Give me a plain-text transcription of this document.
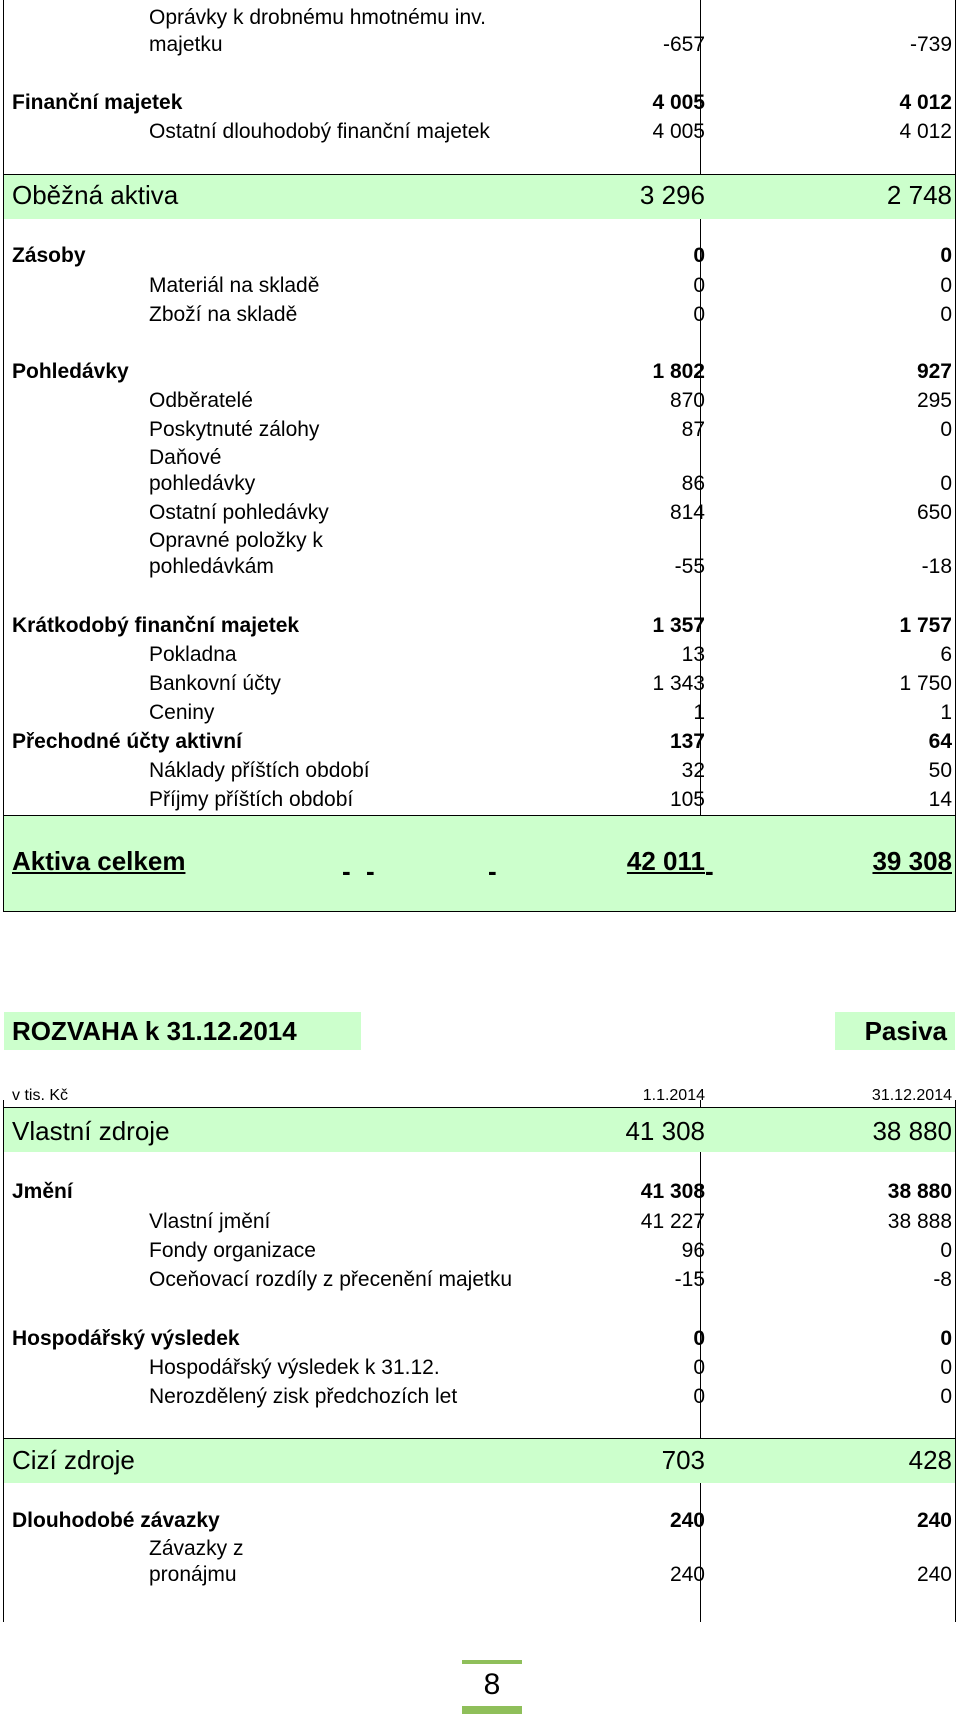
Oprávky k drobnému hmotnému inv.
majetku	-657	-739
Finanční majetek	4 005	4 012
Ostatní dlouhodobý finanční majetek	4 005	4 012
Oběžná aktiva	3 296	2 748
Zásoby	0	0
Materiál na skladě	0	0
Zboží na skladě	0	0
Pohledávky	1 802	927
Odběratelé	870	295
Poskytnuté zálohy	87	0
Daňové
pohledávky	86	0
Ostatní pohledávky	814	650
Opravné položky k
pohledávkám	-55	-18
Krátkodobý finanční majetek	1 357	1 757
Pokladna	13	6
Bankovní účty	1 343	1 750
Ceniny	1	1
Přechodné účty aktivní	137	64
Náklady příštích období	32	50
Příjmy příštích období	105	14
Aktiva celkem	42 011	39 308
- -	-	-
ROZVAHA k 31.12.2014	Pasiva
v tis. Kč	1.1.2014	31.12.2014
Vlastní zdroje	41 308	38 880
Jmění	41 308	38 880
Vlastní jmění	41 227	38 888
Fondy organizace	96	0
Oceňovací rozdíly z přecenění majetku	-15	-8
Hospodářský výsledek	0	0
Hospodářský výsledek k 31.12.	0	0
Nerozdělený zisk předchozích let	0	0
Cizí zdroje	703	428
Dlouhodobé závazky	240	240
Závazky z
pronájmu	240	240
8
